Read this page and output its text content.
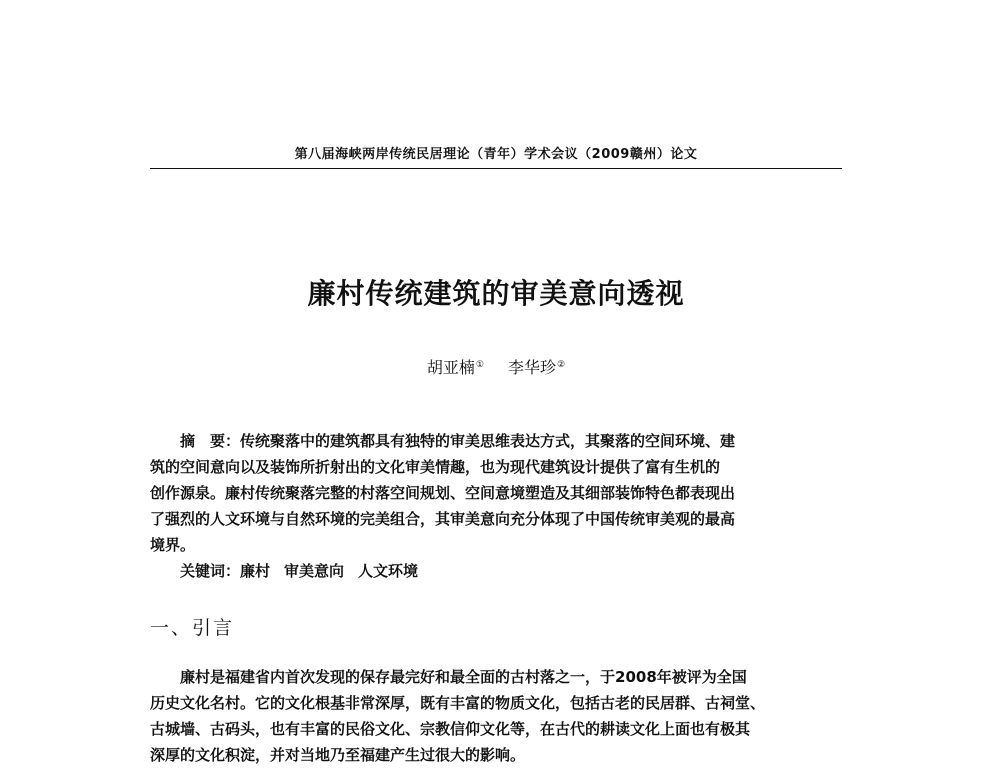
第八届海峡两岸传统民居理论（青年）学术会议（2009赣州）论文
廉村传统建筑的审美意向透视
胡亚楠① 李华珍②
摘　要：传统聚落中的建筑都具有独特的审美思维表达方式，其聚落的空间环境、建
筑的空间意向以及装饰所折射出的文化审美情趣，也为现代建筑设计提供了富有生机的
创作源泉。廉村传统聚落完整的村落空间规划、空间意境塑造及其细部装饰特色都表现出
了强烈的人文环境与自然环境的完美组合，其审美意向充分体现了中国传统审美观的最高
境界。
关键词：廉村 审美意向 人文环境
一、引言
廉村是福建省内首次发现的保存最完好和最全面的古村落之一，于2008年被评为全国
历史文化名村。它的文化根基非常深厚，既有丰富的物质文化，包括古老的民居群、古祠堂、
古城墙、古码头，也有丰富的民俗文化、宗教信仰文化等，在古代的耕读文化上面也有极其
深厚的文化积淀，并对当地乃至福建产生过很大的影响。
